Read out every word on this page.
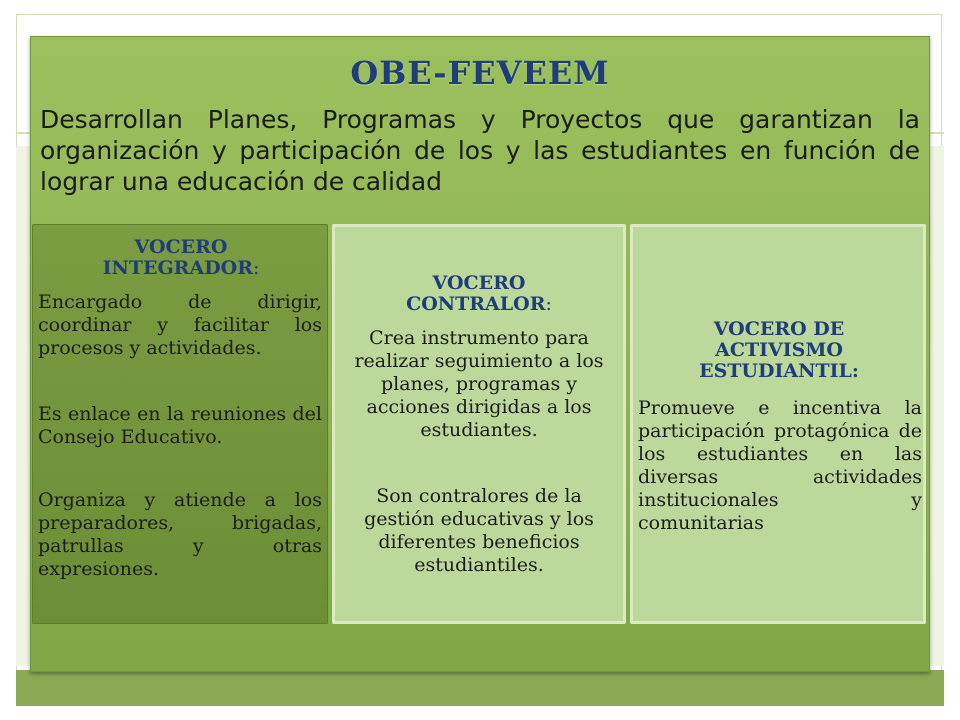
OBE-FEVEEM

Desarrollan Planes, Programas y Proyectos que garantizan la organización y participación de los y las estudiantes en función de lograr una educación de calidad

VOCERO INTEGRADOR:

Encargado de dirigir, coordinar y facilitar los procesos y actividades.

Es enlace en la reuniones del Consejo Educativo.

Organiza y atiende a los preparadores, brigadas, patrullas y otras expresiones.

VOCERO CONTRALOR:

Crea instrumento para realizar seguimiento a los planes, programas y acciones dirigidas a los estudiantes.

Son contralores de la gestión educativas y los diferentes beneficios estudiantiles.

VOCERO DE ACTIVISMO ESTUDIANTIL:

Promueve e incentiva la participación protagónica de los estudiantes en las diversas actividades institucionales y comunitarias
